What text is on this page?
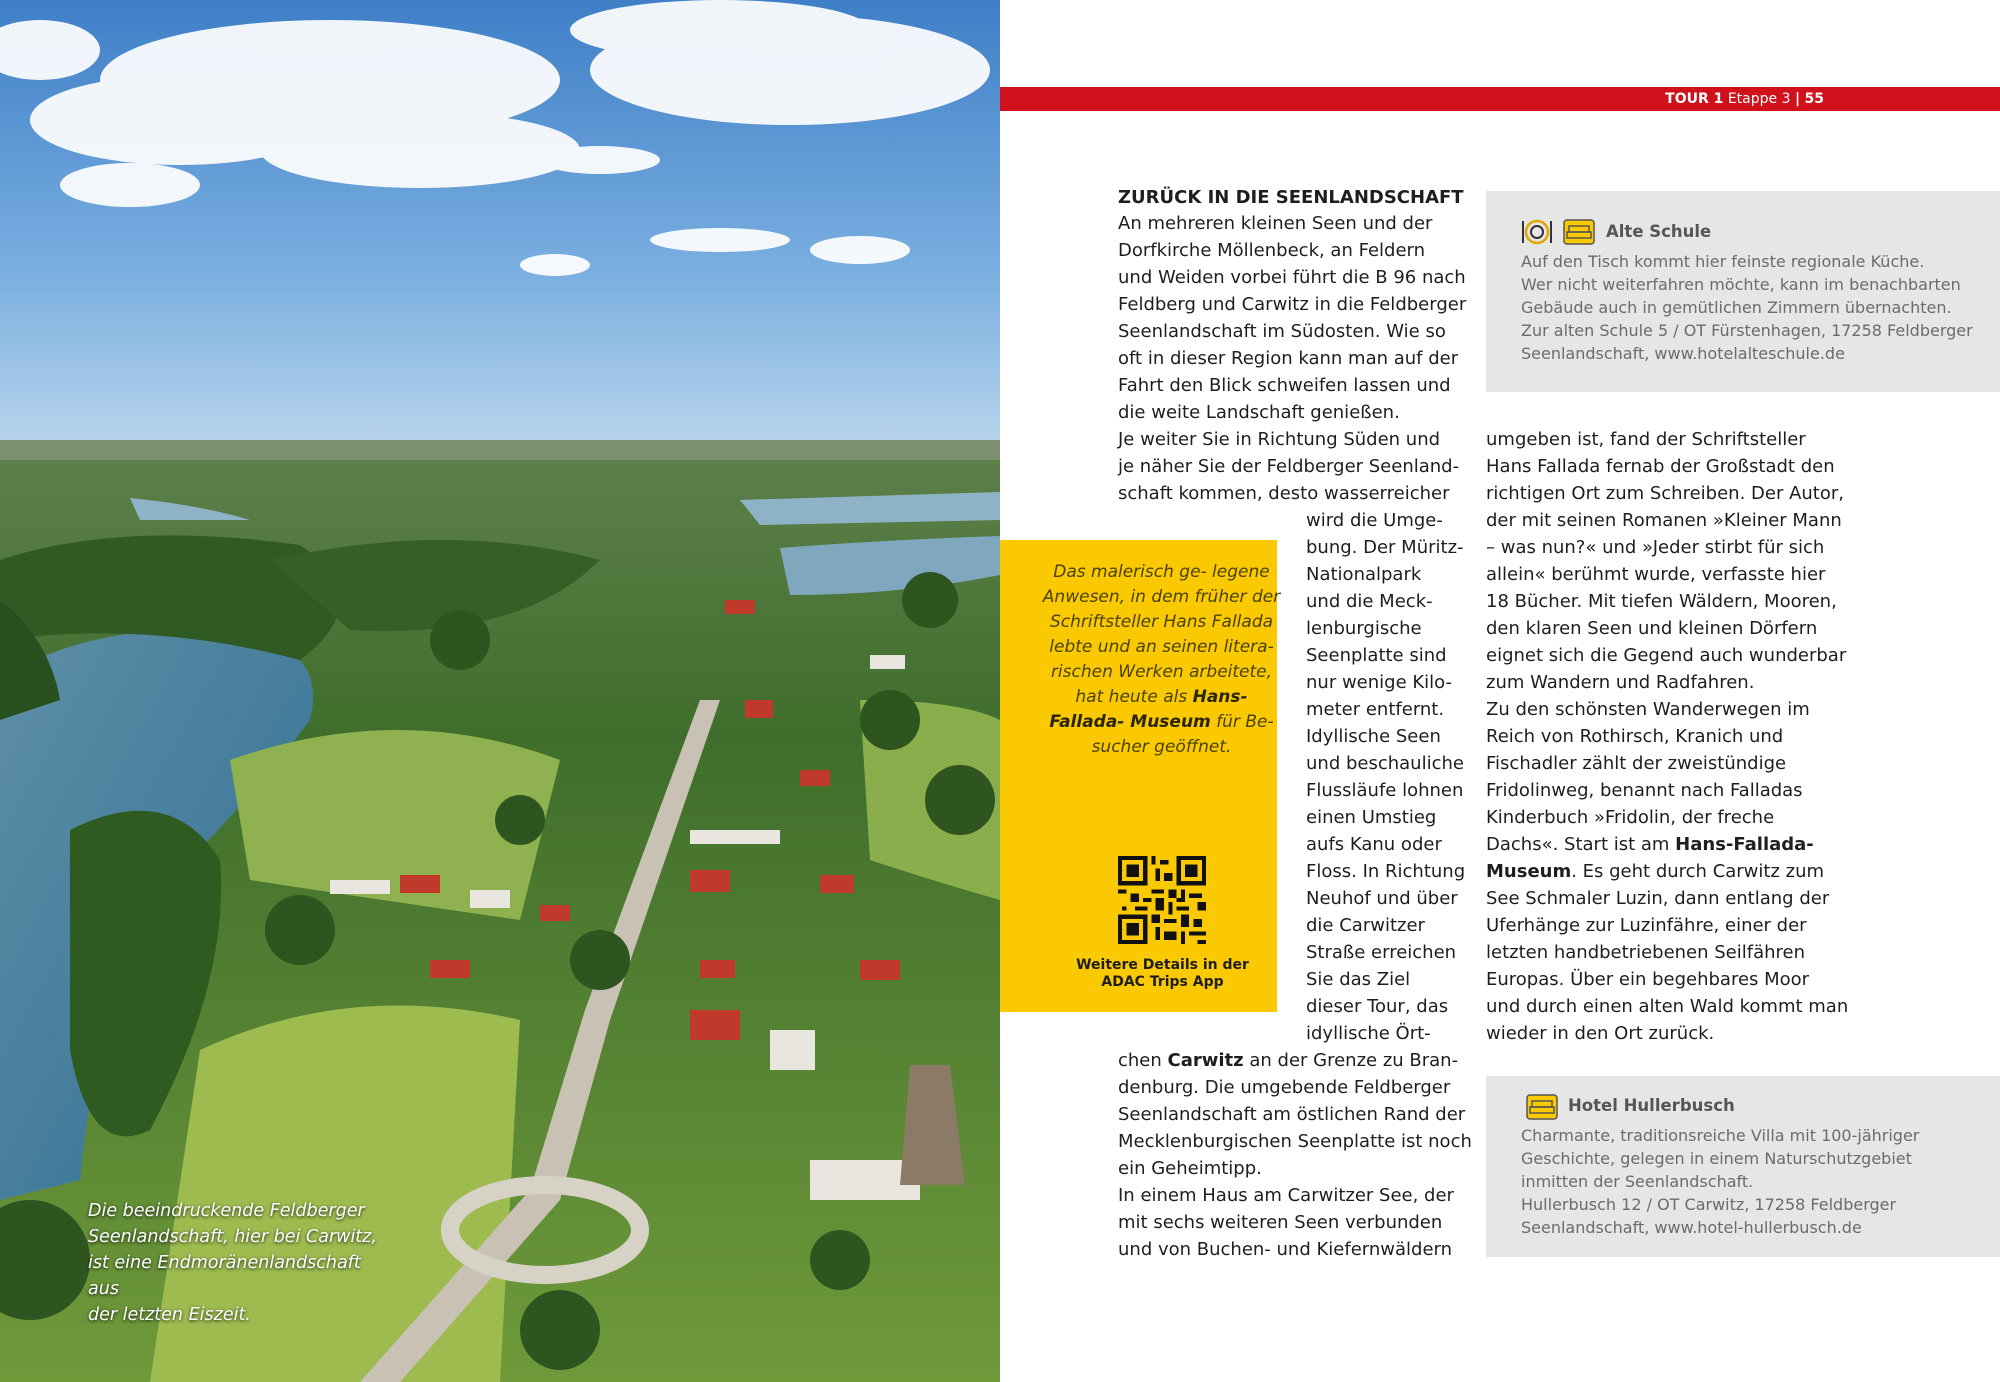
Die beeindruckende Feldberger
Seenlandschaft, hier bei Carwitz,
ist eine Endmoränenlandschaft aus
der letzten Eiszeit.
TOUR 1 Etappe 3 | 55
ZURÜCK IN DIE SEENLANDSCHAFT
An mehreren kleinen Seen und der
Dorfkirche Möllenbeck, an Feldern
und Weiden vorbei führt die B 96 nach
Feldberg und Carwitz in die Feldberger
Seenlandschaft im Südosten. Wie so
oft in dieser Region kann man auf der
Fahrt den Blick schweifen lassen und
die weite Landschaft genießen.
Je weiter Sie in Richtung Süden und
je näher Sie der Feldberger Seenland-
schaft kommen, desto wasserreicher
wird die Umge-
bung. Der Müritz-
Nationalpark
und die Meck-
lenburgische
Seenplatte sind
nur wenige Kilo-
meter entfernt.
Idyllische Seen
und beschauliche
Flussläufe lohnen
einen Umstieg
aufs Kanu oder
Floss. In Richtung
Neuhof und über
die Carwitzer
Straße erreichen
Sie das Ziel
dieser Tour, das
idyllische Ört-
chen Carwitz an der Grenze zu Bran-
denburg. Die umgebende Feldberger
Seenlandschaft am östlichen Rand der
Mecklenburgischen Seenplatte ist noch
ein Geheimtipp.
In einem Haus am Carwitzer See, der
mit sechs weiteren Seen verbunden
und von Buchen- und Kiefernwäldern
umgeben ist, fand der Schriftsteller
Hans Fallada fernab der Großstadt den
richtigen Ort zum Schreiben. Der Autor,
der mit seinen Romanen »Kleiner Mann
– was nun?« und »Jeder stirbt für sich
allein« berühmt wurde, verfasste hier
18 Bücher. Mit tiefen Wäldern, Mooren,
den klaren Seen und kleinen Dörfern
eignet sich die Gegend auch wunderbar
zum Wandern und Radfahren.
Zu den schönsten Wanderwegen im
Reich von Rothirsch, Kranich und
Fischadler zählt der zweistündige
Fridolinweg, benannt nach Falladas
Kinderbuch »Fridolin, der freche
Dachs«. Start ist am Hans-Fallada-
Museum. Es geht durch Carwitz zum
See Schmaler Luzin, dann entlang der
Uferhänge zur Luzinfähre, einer der
letzten handbetriebenen Seilfähren
Europas. Über ein begehbares Moor
und durch einen alten Wald kommt man
wieder in den Ort zurück.
Das malerisch ge- legene Anwesen, in dem früher der Schriftsteller Hans Fallada lebte und an seinen litera- rischen Werken arbeitete, hat heute als Hans-Fallada- Museum für Be- sucher geöffnet.
Weitere Details in der
ADAC Trips App
Alte Schule
Auf den Tisch kommt hier feinste regionale Küche.
Wer nicht weiterfahren möchte, kann im benachbarten
Gebäude auch in gemütlichen Zimmern übernachten.
Zur alten Schule 5 / OT Fürstenhagen, 17258 Feldberger
Seenlandschaft, www.hotelalteschule.de
Hotel Hullerbusch
Charmante, traditionsreiche Villa mit 100-jähriger
Geschichte, gelegen in einem Naturschutzgebiet
inmitten der Seenlandschaft.
Hullerbusch 12 / OT Carwitz, 17258 Feldberger
Seenlandschaft, www.hotel-hullerbusch.de
